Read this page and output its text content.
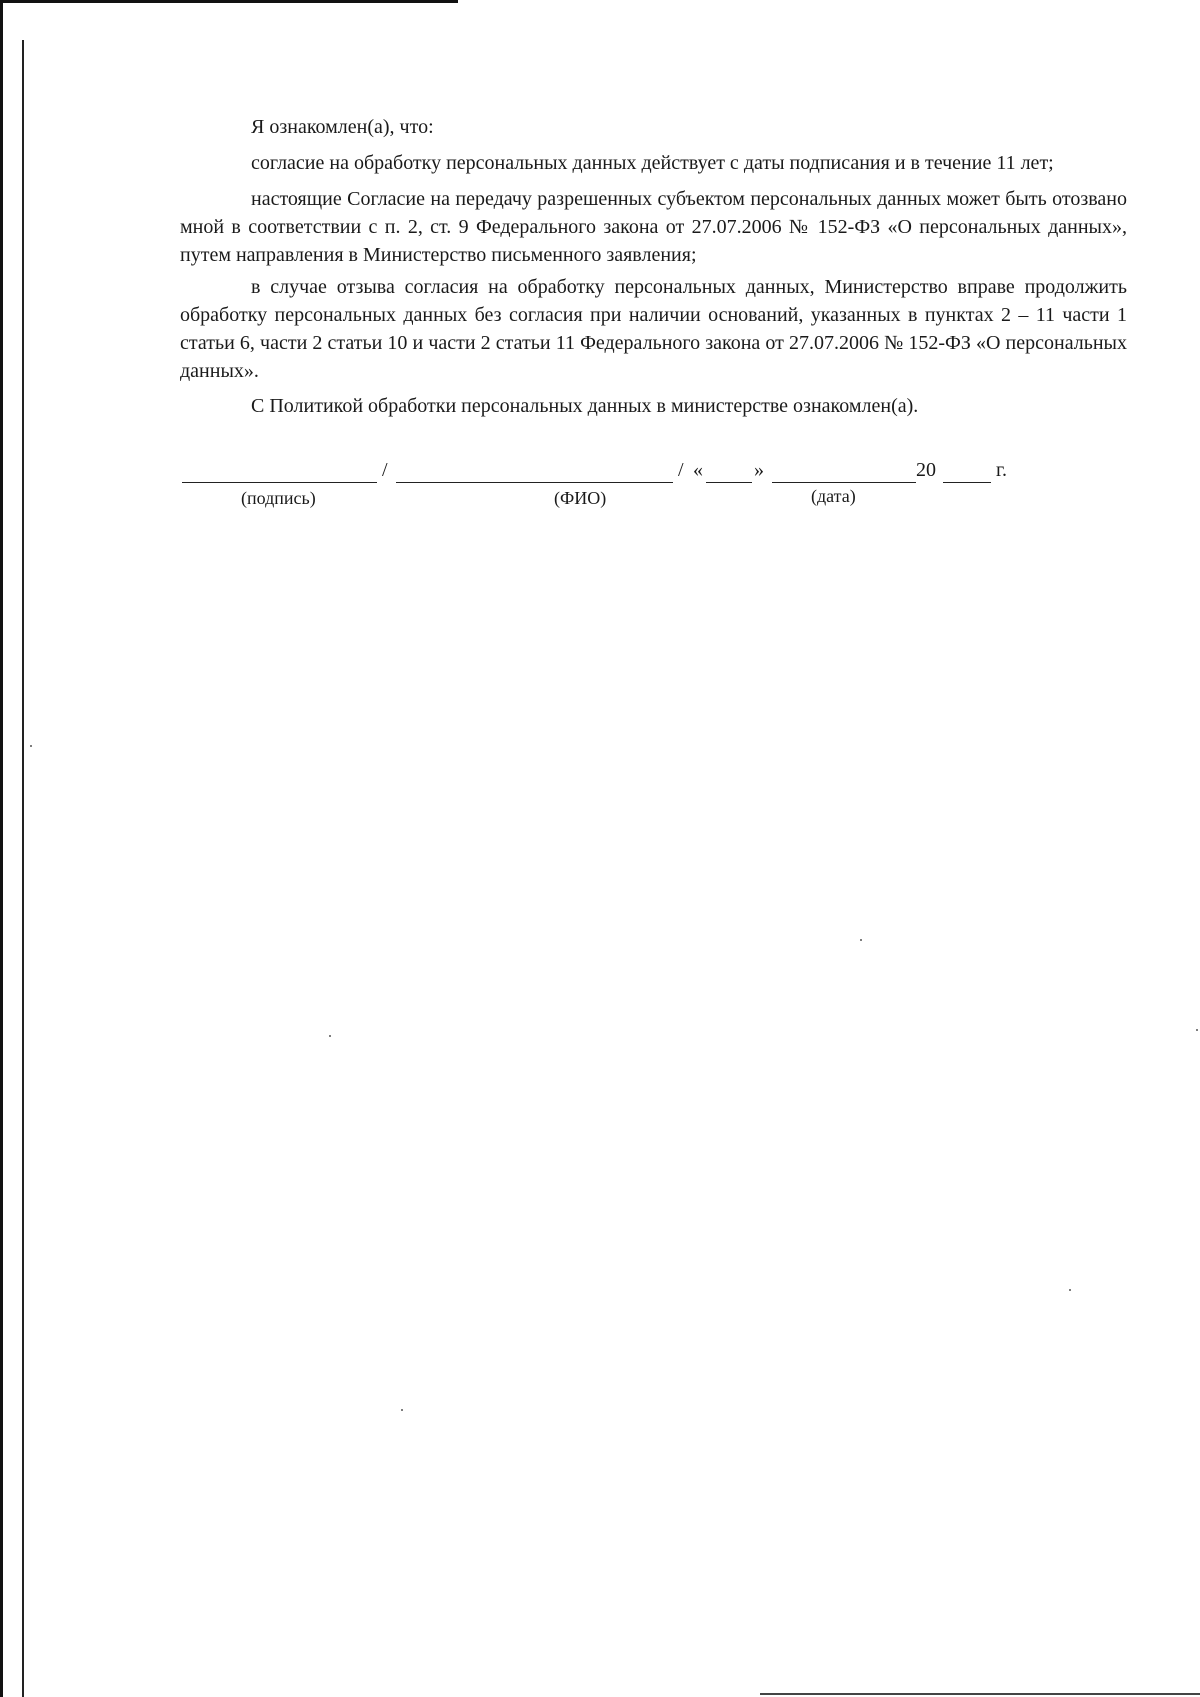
Я ознакомлен(а), что:

согласие на обработку персональных данных действует с даты подписания и в течение 11 лет;

настоящие Согласие на передачу разрешенных субъектом персональных данных может быть отозвано мной в соответствии с п. 2, ст. 9 Федерального закона от 27.07.2006 № 152-ФЗ «О персональных данных», путем направления в Министерство письменного заявления;

в случае отзыва согласия на обработку персональных данных, Министерство вправе продолжить обработку персональных данных без согласия при наличии оснований, указанных в пунктах 2 – 11 части 1 статьи 6, части 2 статьи 10 и части 2 статьи 11 Федерального закона от 27.07.2006 № 152-ФЗ «О персональных данных».

С Политикой обработки персональных данных в министерстве ознакомлен(а).

/	/ «	»	20	г.
(подпись)	(ФИО)	(дата)
